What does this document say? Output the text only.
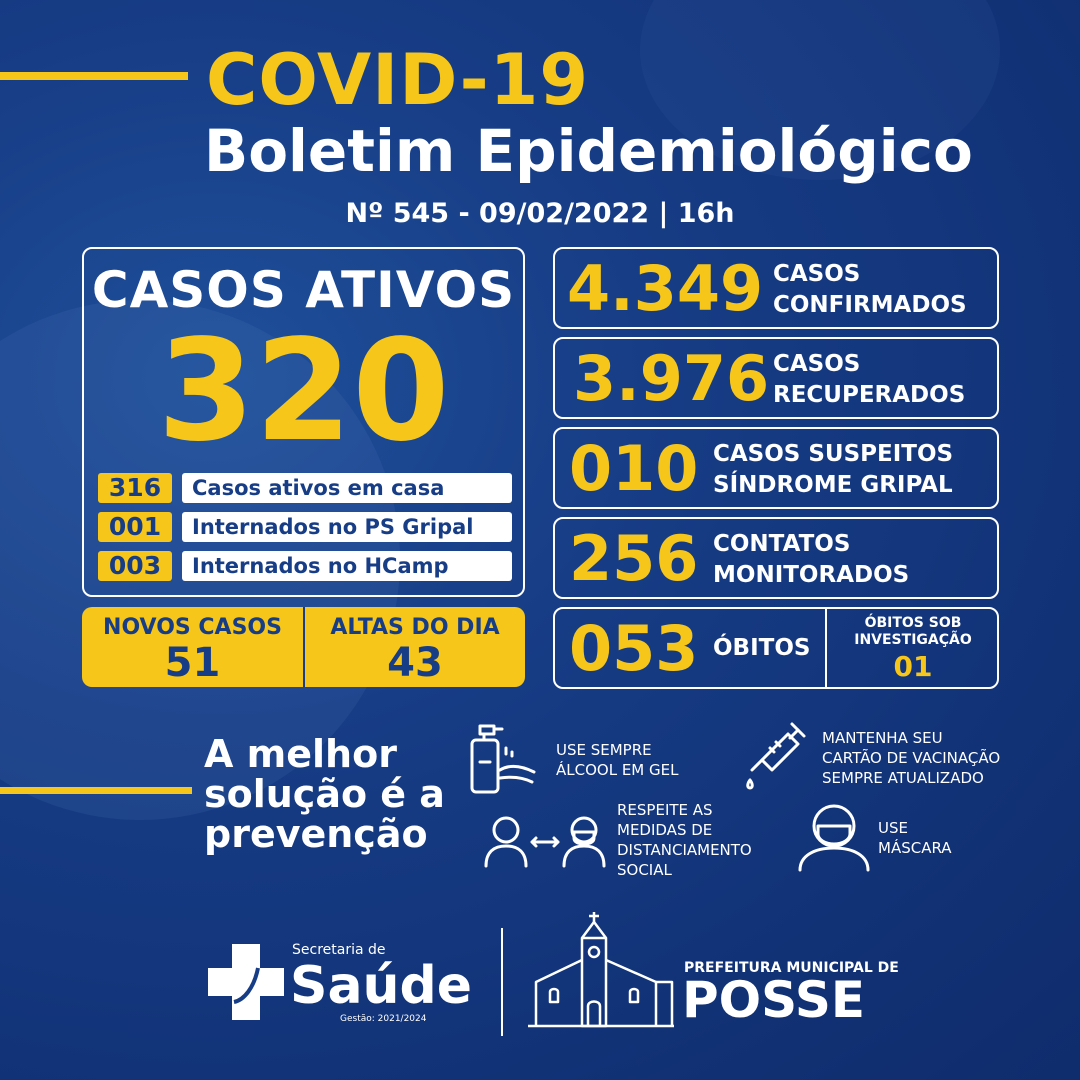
COVID-19
Boletim Epidemiológico
Nº 545 - 09/02/2022 | 16h
CASOS ATIVOS
320
316	Casos ativos em casa
001	Internados no PS Gripal
003	Internados no HCamp
NOVOS CASOS
51
ALTAS DO DIA
43
4.349 CASOS
CONFIRMADOS
3.976 CASOS
RECUPERADOS
010 CASOS SUSPEITOS
SÍNDROME GRIPAL
256 CONTATOS
MONITORADOS
053 ÓBITOS
ÓBITOS SOB
INVESTIGAÇÃO
01
A melhor
solução é a
prevenção
USE SEMPRE
ÁLCOOL EM GEL
MANTENHA SEU
CARTÃO DE VACINAÇÃO
SEMPRE ATUALIZADO
RESPEITE AS
MEDIDAS DE
DISTANCIAMENTO
SOCIAL
USE
MÁSCARA
Secretaria de
Saúde
Gestão: 2021/2024
PREFEITURA MUNICIPAL DE
POSSE
